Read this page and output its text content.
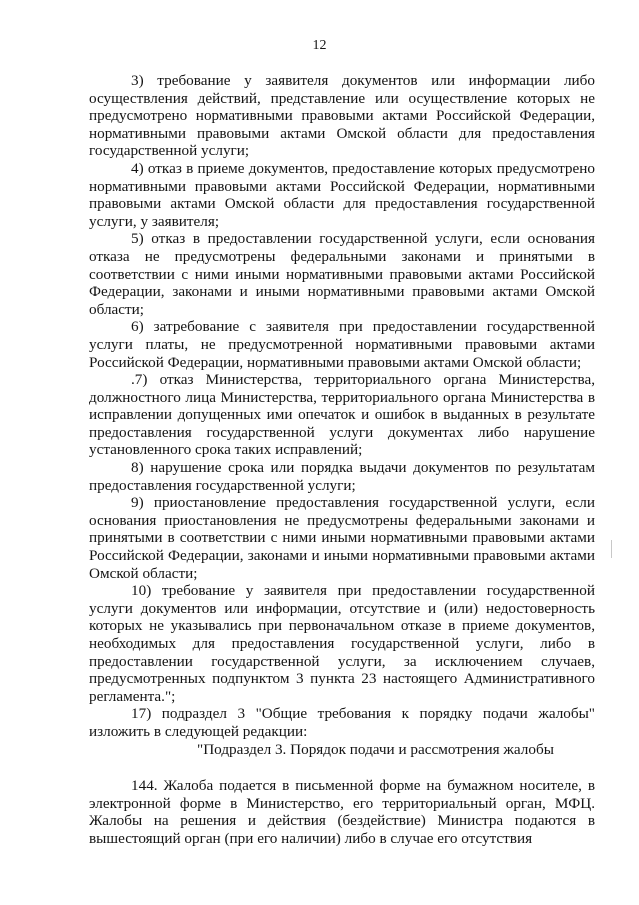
12

3) требование у заявителя документов или информации либо осуществления действий, представление или осуществление которых не предусмотрено нормативными правовыми актами Российской Федерации, нормативными правовыми актами Омской области для предоставления государственной услуги;

4) отказ в приеме документов, предоставление которых предусмотрено нормативными правовыми актами Российской Федерации, нормативными правовыми актами Омской области для предоставления государственной услуги, у заявителя;

5) отказ в предоставлении государственной услуги, если основания отказа не предусмотрены федеральными законами и принятыми в соответствии с ними иными нормативными правовыми актами Российской Федерации, законами и иными нормативными правовыми актами Омской области;

6) затребование с заявителя при предоставлении государственной услуги платы, не предусмотренной нормативными правовыми актами Российской Федерации, нормативными правовыми актами Омской области;

.7) отказ Министерства, территориального органа Министерства, должностного лица Министерства, территориального органа Министерства в исправлении допущенных ими опечаток и ошибок в выданных в результате предоставления государственной услуги документах либо нарушение установленного срока таких исправлений;

8) нарушение срока или порядка выдачи документов по результатам предоставления государственной услуги;

9) приостановление предоставления государственной услуги, если основания приостановления не предусмотрены федеральными законами и принятыми в соответствии с ними иными нормативными правовыми актами Российской Федерации, законами и иными нормативными правовыми актами Омской области;

10) требование у заявителя при предоставлении государственной услуги документов или информации, отсутствие и (или) недостоверность которых не указывались при первоначальном отказе в приеме документов, необходимых для предоставления государственной услуги, либо в предоставлении государственной услуги, за исключением случаев, предусмотренных подпунктом 3 пункта 23 настоящего Административного регламента.";

17) подраздел 3 "Общие требования к порядку подачи жалобы" изложить в следующей редакции:

"Подраздел 3. Порядок подачи и рассмотрения жалобы

144. Жалоба подается в письменной форме на бумажном носителе, в электронной форме в Министерство, его территориальный орган, МФЦ. Жалобы на решения и действия (бездействие) Министра подаются в вышестоящий орган (при его наличии) либо в случае его отсутствия
